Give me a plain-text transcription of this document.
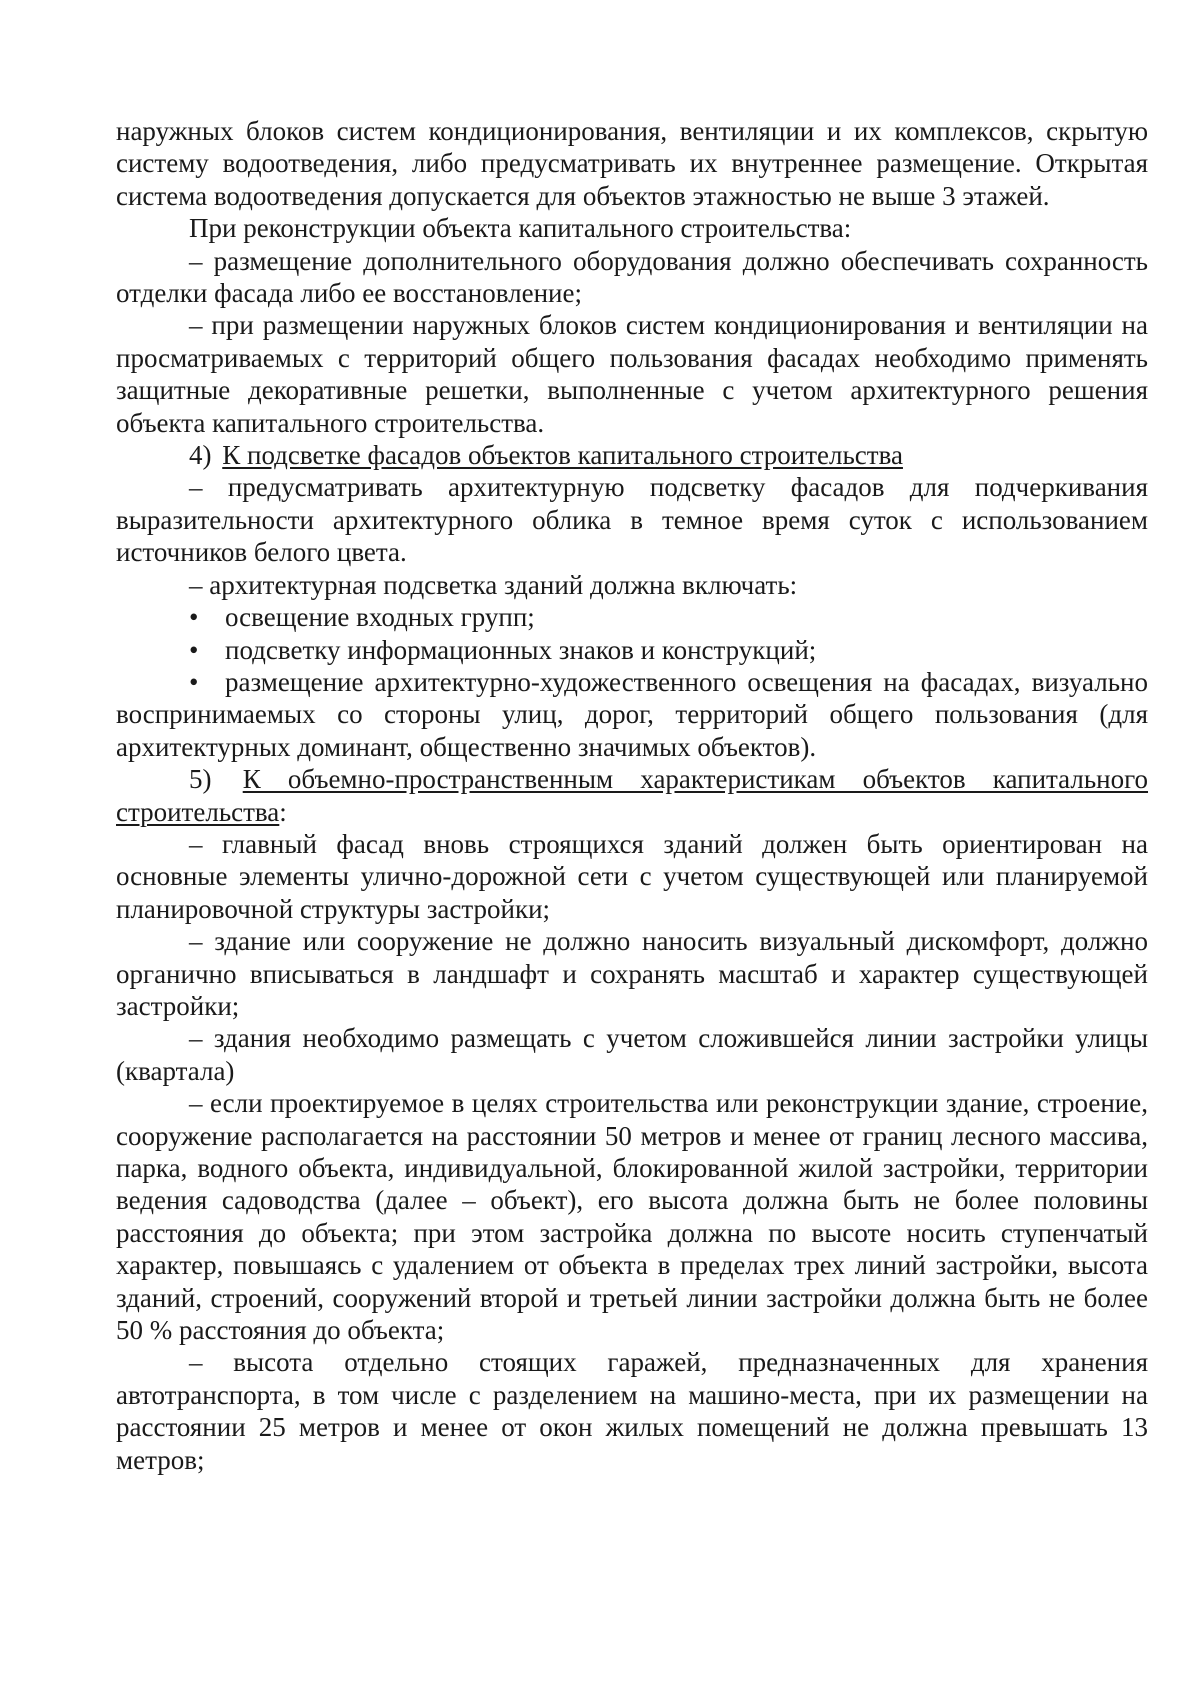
наружных блоков систем кондиционирования, вентиляции и их комплексов, скрытую систему водоотведения, либо предусматривать их внутреннее размещение. Открытая система водоотведения допускается для объектов этажностью не выше 3 этажей.

При реконструкции объекта капитального строительства:

– размещение дополнительного оборудования должно обеспечивать сохранность отделки фасада либо ее восстановление;

– при размещении наружных блоков систем кондиционирования и вентиляции на просматриваемых с территорий общего пользования фасадах необходимо применять защитные декоративные решетки, выполненные с учетом архитектурного решения объекта капитального строительства.

4) К подсветке фасадов объектов капитального строительства

– предусматривать архитектурную подсветку фасадов для подчеркивания выразительности архитектурного облика в темное время суток с использованием источников белого цвета.

– архитектурная подсветка зданий должна включать:

• освещение входных групп;

• подсветку информационных знаков и конструкций;

• размещение архитектурно-художественного освещения на фасадах, визуально воспринимаемых со стороны улиц, дорог, территорий общего пользования (для архитектурных доминант, общественно значимых объектов).

5) К объемно-пространственным характеристикам объектов капитального строительства:

– главный фасад вновь строящихся зданий должен быть ориентирован на основные элементы улично-дорожной сети с учетом существующей или планируемой планировочной структуры застройки;

– здание или сооружение не должно наносить визуальный дискомфорт, должно органично вписываться в ландшафт и сохранять масштаб и характер существующей застройки;

– здания необходимо размещать с учетом сложившейся линии застройки улицы (квартала)

– если проектируемое в целях строительства или реконструкции здание, строение, сооружение располагается на расстоянии 50 метров и менее от границ лесного массива, парка, водного объекта, индивидуальной, блокированной жилой застройки, территории ведения садоводства (далее – объект), его высота должна быть не более половины расстояния до объекта; при этом застройка должна по высоте носить ступенчатый характер, повышаясь с удалением от объекта в пределах трех линий застройки, высота зданий, строений, сооружений второй и третьей линии застройки должна быть не более 50 % расстояния до объекта;

– высота отдельно стоящих гаражей, предназначенных для хранения автотранспорта, в том числе с разделением на машино-места, при их размещении на расстоянии 25 метров и менее от окон жилых помещений не должна превышать 13 метров;
